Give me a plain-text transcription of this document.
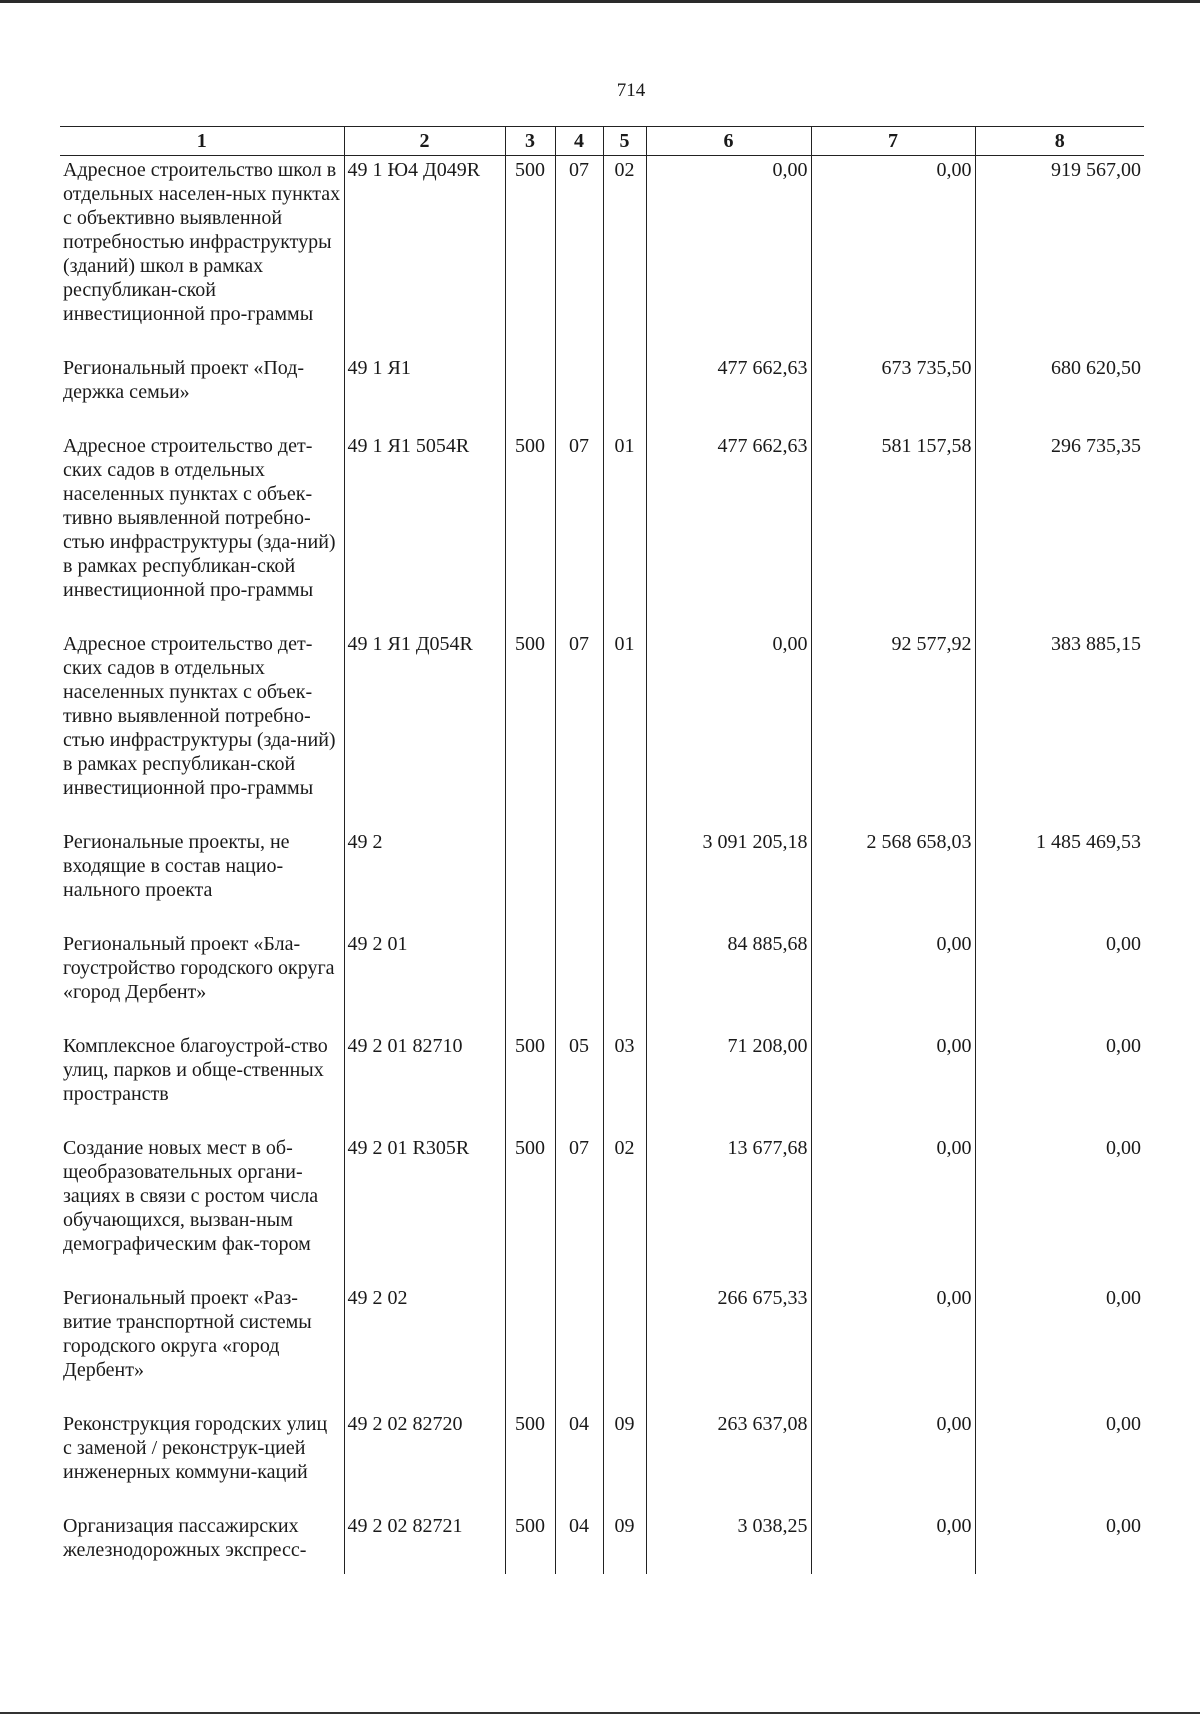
714
1	2	3	4	5	6	7	8
Адресное строительство школ в отдельных населен-ных пунктах с объективно выявленной потребностью инфраструктуры (зданий) школ в рамках республикан-ской инвестиционной про-граммы	49 1 Ю4 Д049R	500	07	02	0,00	0,00	919 567,00
Региональный проект «Под-держка семьи»	49 1 Я1				477 662,63	673 735,50	680 620,50
Адресное строительство дет-ских садов в отдельных населенных пунктах с объек-тивно выявленной потребно-стью инфраструктуры (зда-ний) в рамках республикан-ской инвестиционной про-граммы	49 1 Я1 5054R	500	07	01	477 662,63	581 157,58	296 735,35
Адресное строительство дет-ских садов в отдельных населенных пунктах с объек-тивно выявленной потребно-стью инфраструктуры (зда-ний) в рамках республикан-ской инвестиционной про-граммы	49 1 Я1 Д054R	500	07	01	0,00	92 577,92	383 885,15
Региональные проекты, не входящие в состав нацио-нального проекта	49 2				3 091 205,18	2 568 658,03	1 485 469,53
Региональный проект «Бла-гоустройство городского округа «город Дербент»	49 2 01				84 885,68	0,00	0,00
Комплексное благоустрой-ство улиц, парков и обще-ственных пространств	49 2 01 82710	500	05	03	71 208,00	0,00	0,00
Создание новых мест в об-щеобразовательных органи-зациях в связи с ростом числа обучающихся, вызван-ным демографическим фак-тором	49 2 01 R305R	500	07	02	13 677,68	0,00	0,00
Региональный проект «Раз-витие транспортной системы городского округа «город Дербент»	49 2 02				266 675,33	0,00	0,00
Реконструкция городских улиц с заменой / реконструк-цией инженерных коммуни-каций	49 2 02 82720	500	04	09	263 637,08	0,00	0,00
Организация пассажирских железнодорожных экспресс-	49 2 02 82721	500	04	09	3 038,25	0,00	0,00
